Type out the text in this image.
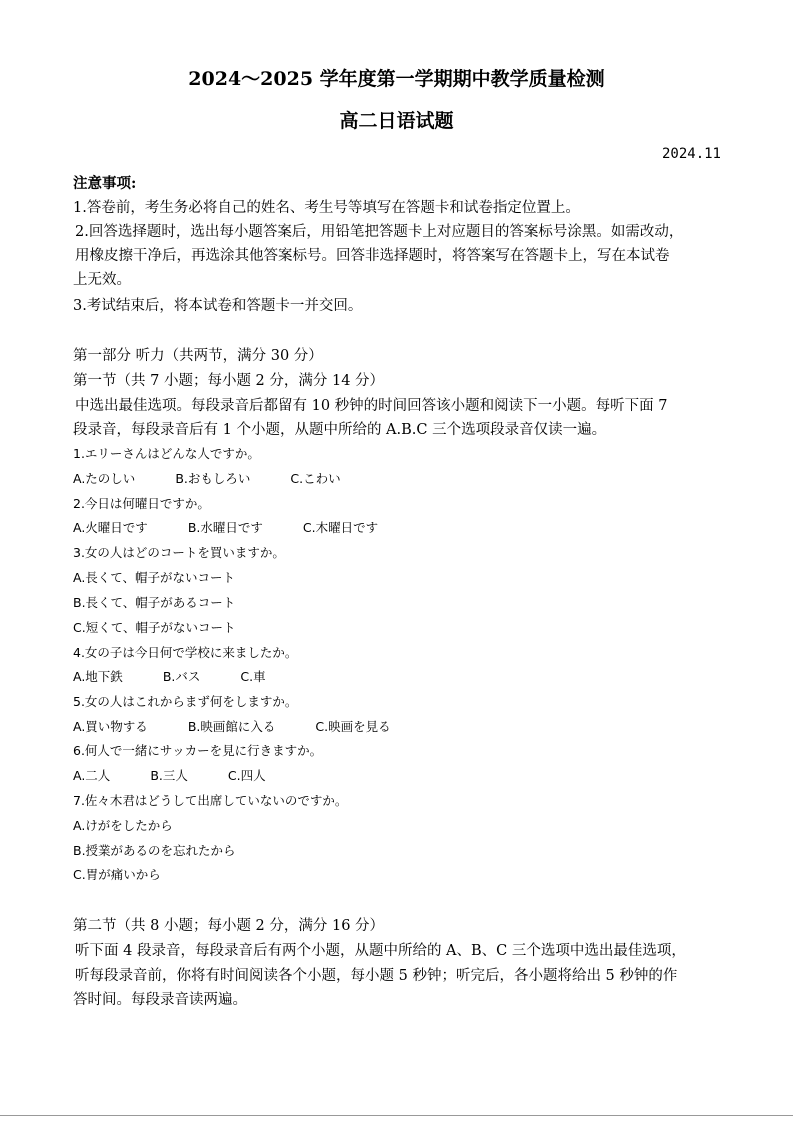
2024～2025 学年度第一学期期中教学质量检测
高二日语试题
2024.11
注意事项:
1.答卷前，考生务必将自己的姓名、考生号等填写在答题卡和试卷指定位置上。
2.回答选择题时，选出每小题答案后，用铅笔把答题卡上对应题目的答案标号涂黑。如需改动，
用橡皮擦干净后，再选涂其他答案标号。回答非选择题时，将答案写在答题卡上，写在本试卷
上无效。
3.考试结束后，将本试卷和答题卡一并交回。
第一部分 听力（共两节，满分 30 分）
第一节（共 7 小题；每小题 2 分，满分 14 分）
中选出最佳选项。每段录音后都留有 10 秒钟的时间回答该小题和阅读下一小题。每听下面 7
段录音，每段录音后有 1 个小题，从题中所给的 A.B.C 三个选项段录音仅读一遍。
1.エリーさんはどんな人ですか。
A.たのしい	B.おもしろい	C.こわい
2.今日は何曜日ですか。
A.火曜日です	B.水曜日です	C.木曜日です
3.女の人はどのコートを買いますか。
A.長くて、帽子がないコート
B.長くて、帽子があるコート
C.短くて、帽子がないコート
4.女の子は今日何で学校に来ましたか。
A.地下鉄	B.バス	C.車
5.女の人はこれからまず何をしますか。
A.買い物する	B.映画館に入る	C.映画を見る
6.何人で一緒にサッカーを見に行きますか。
A.二人	B.三人	C.四人
7.佐々木君はどうして出席していないのですか。
A.けがをしたから
B.授業があるのを忘れたから
C.胃が痛いから
第二节（共 8 小题；每小题 2 分，满分 16 分）
听下面 4 段录音，每段录音后有两个小题，从题中所给的 A、B、C 三个选项中选出最佳选项，
听每段录音前，你将有时间阅读各个小题，每小题 5 秒钟；听完后，各小题将给出 5 秒钟的作
答时间。每段录音读两遍。
